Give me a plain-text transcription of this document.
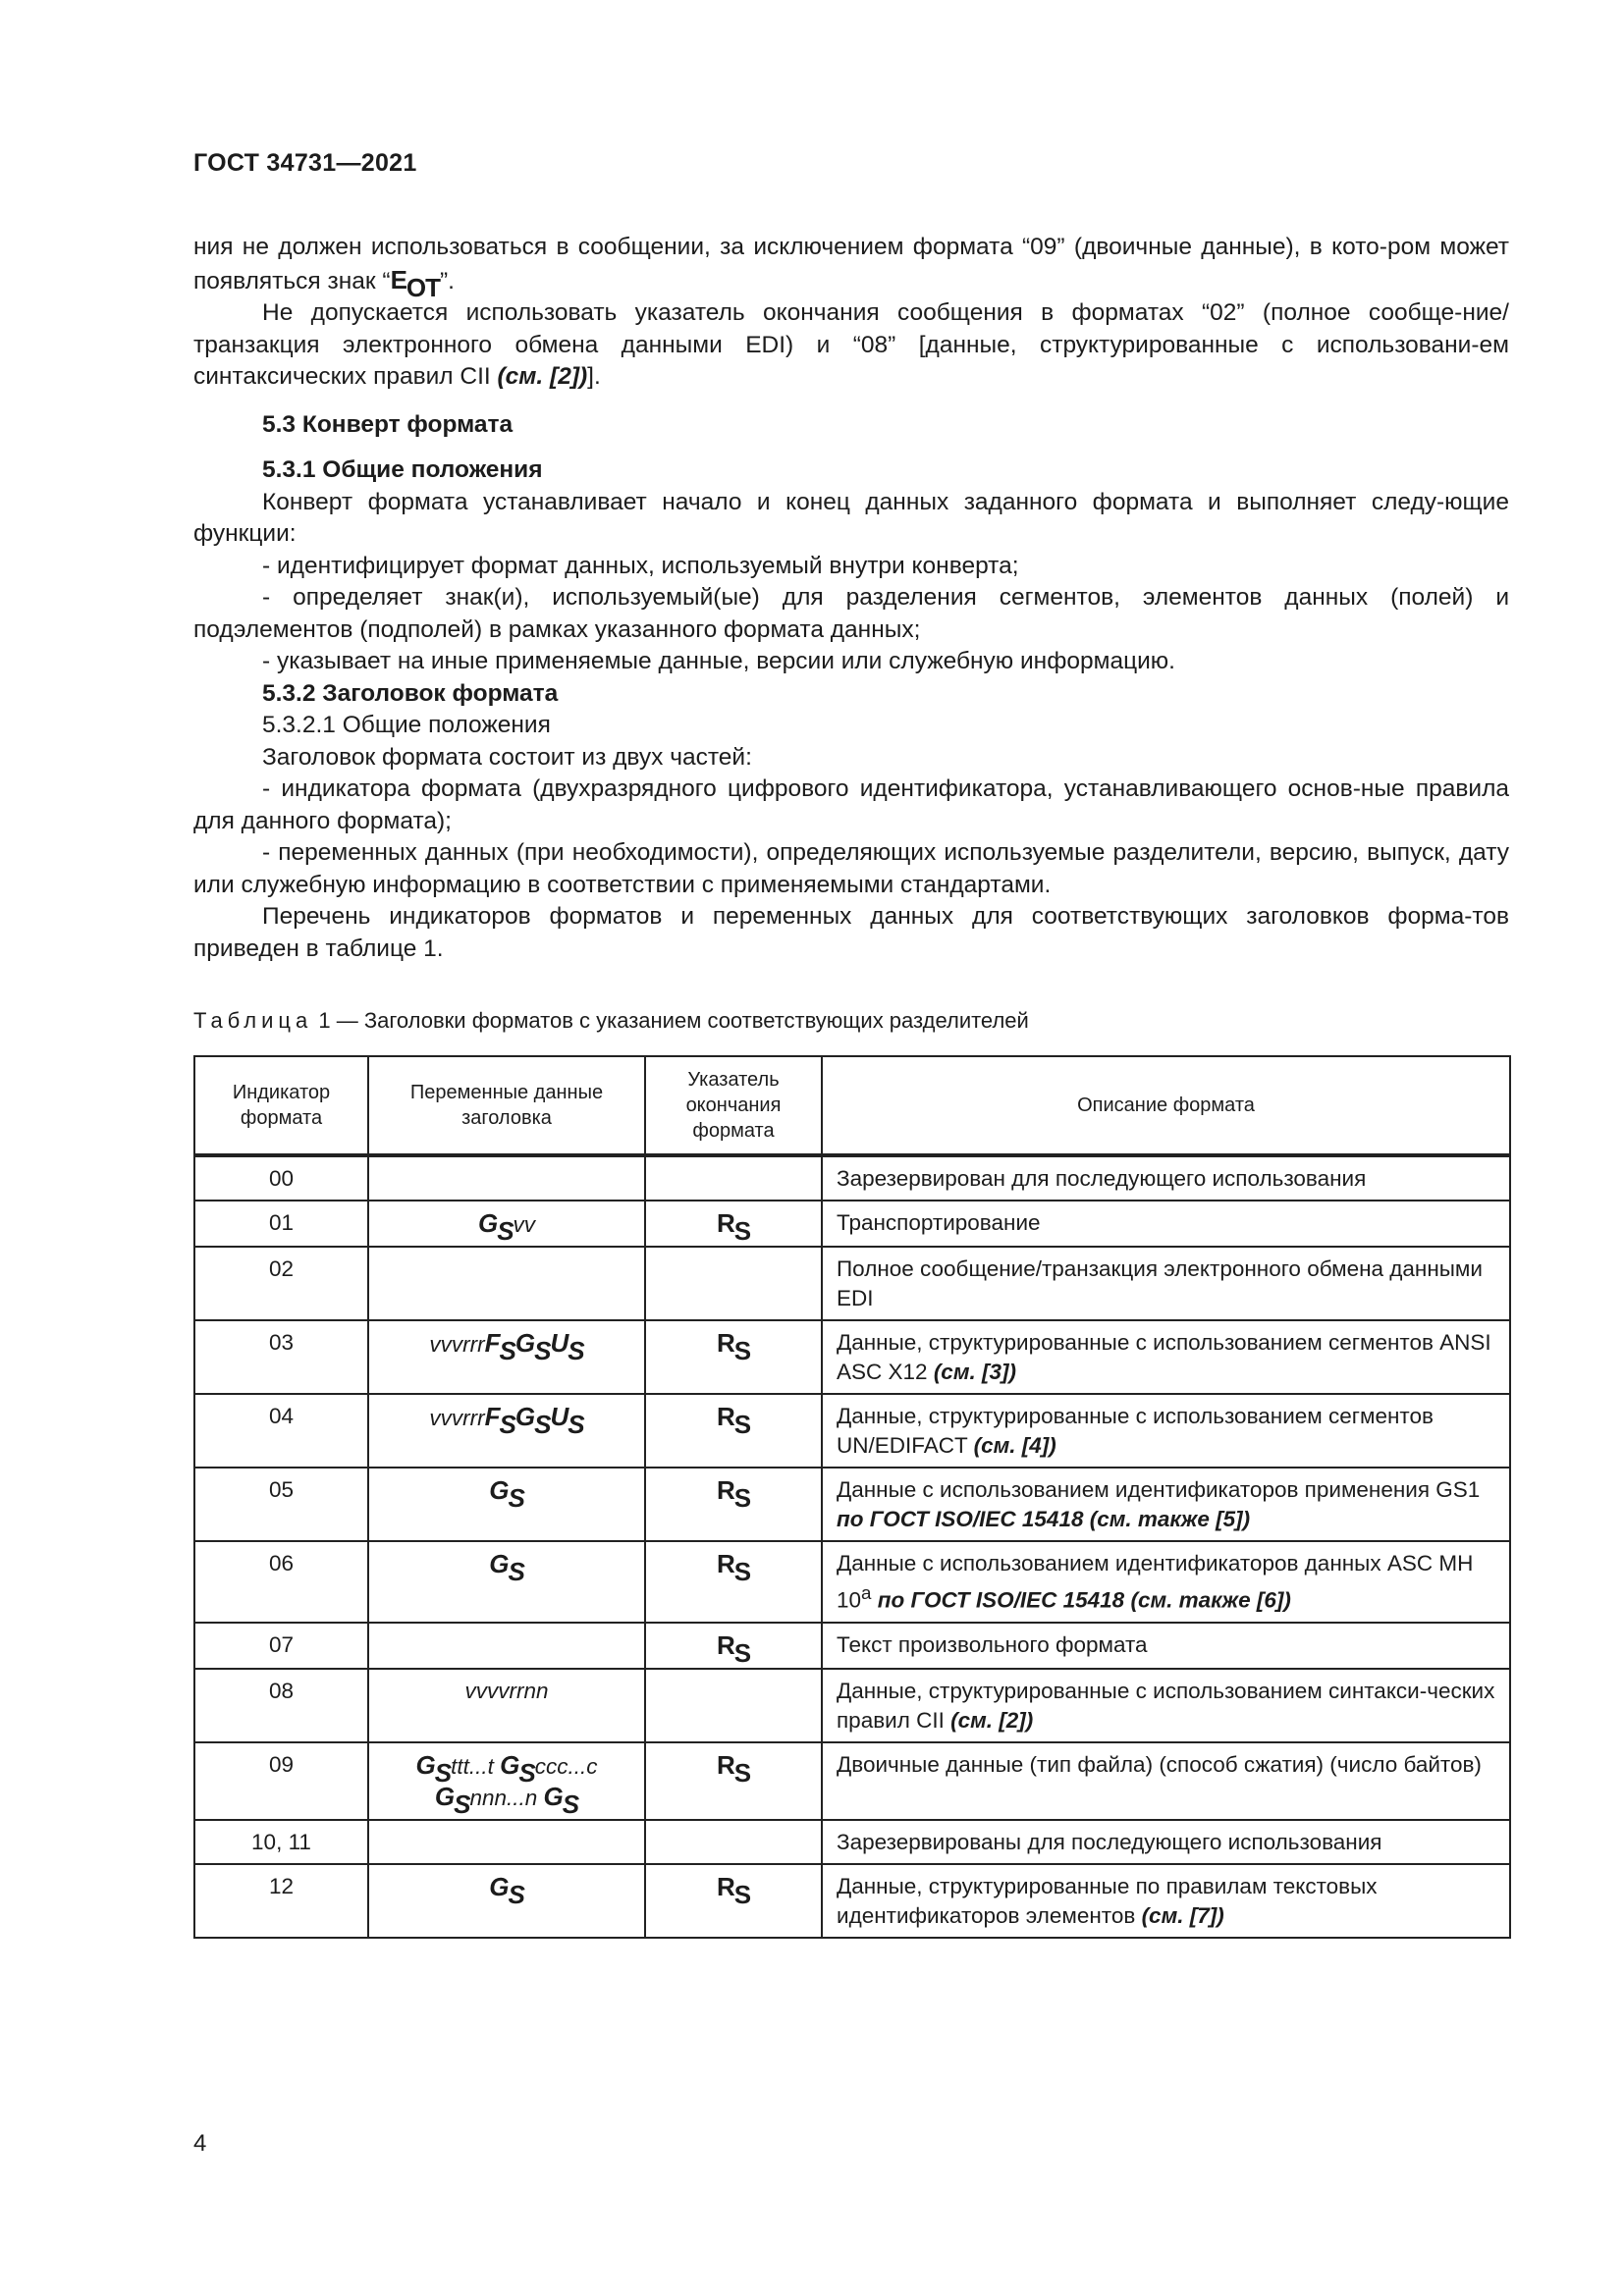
ГОСТ 34731—2021

ния не должен использоваться в сообщении, за исключением формата “09” (двоичные данные), в кото-ром может появляться знак “$E_{OT}$”.

Не допускается использовать указатель окончания сообщения в форматах “02” (полное сообще-ние/транзакция электронного обмена данными EDI) и “08” [данные, структурированные с использовани-ем синтаксических правил CII (см. [2])].

5.3 Конверт формата

5.3.1 Общие положения

Конверт формата устанавливает начало и конец данных заданного формата и выполняет следу-ющие функции:

- идентифицирует формат данных, используемый внутри конверта;

- определяет знак(и), используемый(ые) для разделения сегментов, элементов данных (полей) и подэлементов (подполей) в рамках указанного формата данных;

- указывает на иные применяемые данные, версии или служебную информацию.

5.3.2 Заголовок формата

5.3.2.1 Общие положения

Заголовок формата состоит из двух частей:

- индикатора формата (двухразрядного цифрового идентификатора, устанавливающего основ-ные правила для данного формата);

- переменных данных (при необходимости), определяющих используемые разделители, версию, выпуск, дату или служебную информацию в соответствии с применяемыми стандартами.

Перечень индикаторов форматов и переменных данных для соответствующих заголовков форма-тов приведен в таблице 1.

Таблица 1 — Заголовки форматов с указанием соответствующих разделителей
Индикатор формата	Переменные данные заголовка	Указатель окончания формата	Описание формата
00			Зарезервирован для последующего использования
01	$G_Svv$	$R_S$	Транспортирование
02			Полное сообщение/транзакция электронного обмена данными EDI
03	$vvvrrrF_SG_SU_S$	$R_S$	Данные, структурированные с использованием сегментов ANSI ASC X12 (см. [3])
04	$vvvrrrF_SG_SU_S$	$R_S$	Данные, структурированные с использованием сегментов UN/EDIFACT (см. [4])
05	$G_S$	$R_S$	Данные с использованием идентификаторов применения GS1 по ГОСТ ISO/IEC 15418 (см. также [5])
06	$G_S$	$R_S$	Данные с использованием идентификаторов данных ASC MH 10$^a$ по ГОСТ ISO/IEC 15418 (см. также [6])
07		$R_S$	Текст произвольного формата
08	vvvvrrnn		Данные, структурированные с использованием синтакси-ческих правил CII (см. [2])
09	$G_Sttt...t$ $G_Sccc...c$
$G_Snnn...n$ $G_S$	$R_S$	Двоичные данные (тип файла) (способ сжатия) (число байтов)
10, 11			Зарезервированы для последующего использования
12	$G_S$	$R_S$	Данные, структурированные по правилам текстовых идентификаторов элементов (см. [7])
4
